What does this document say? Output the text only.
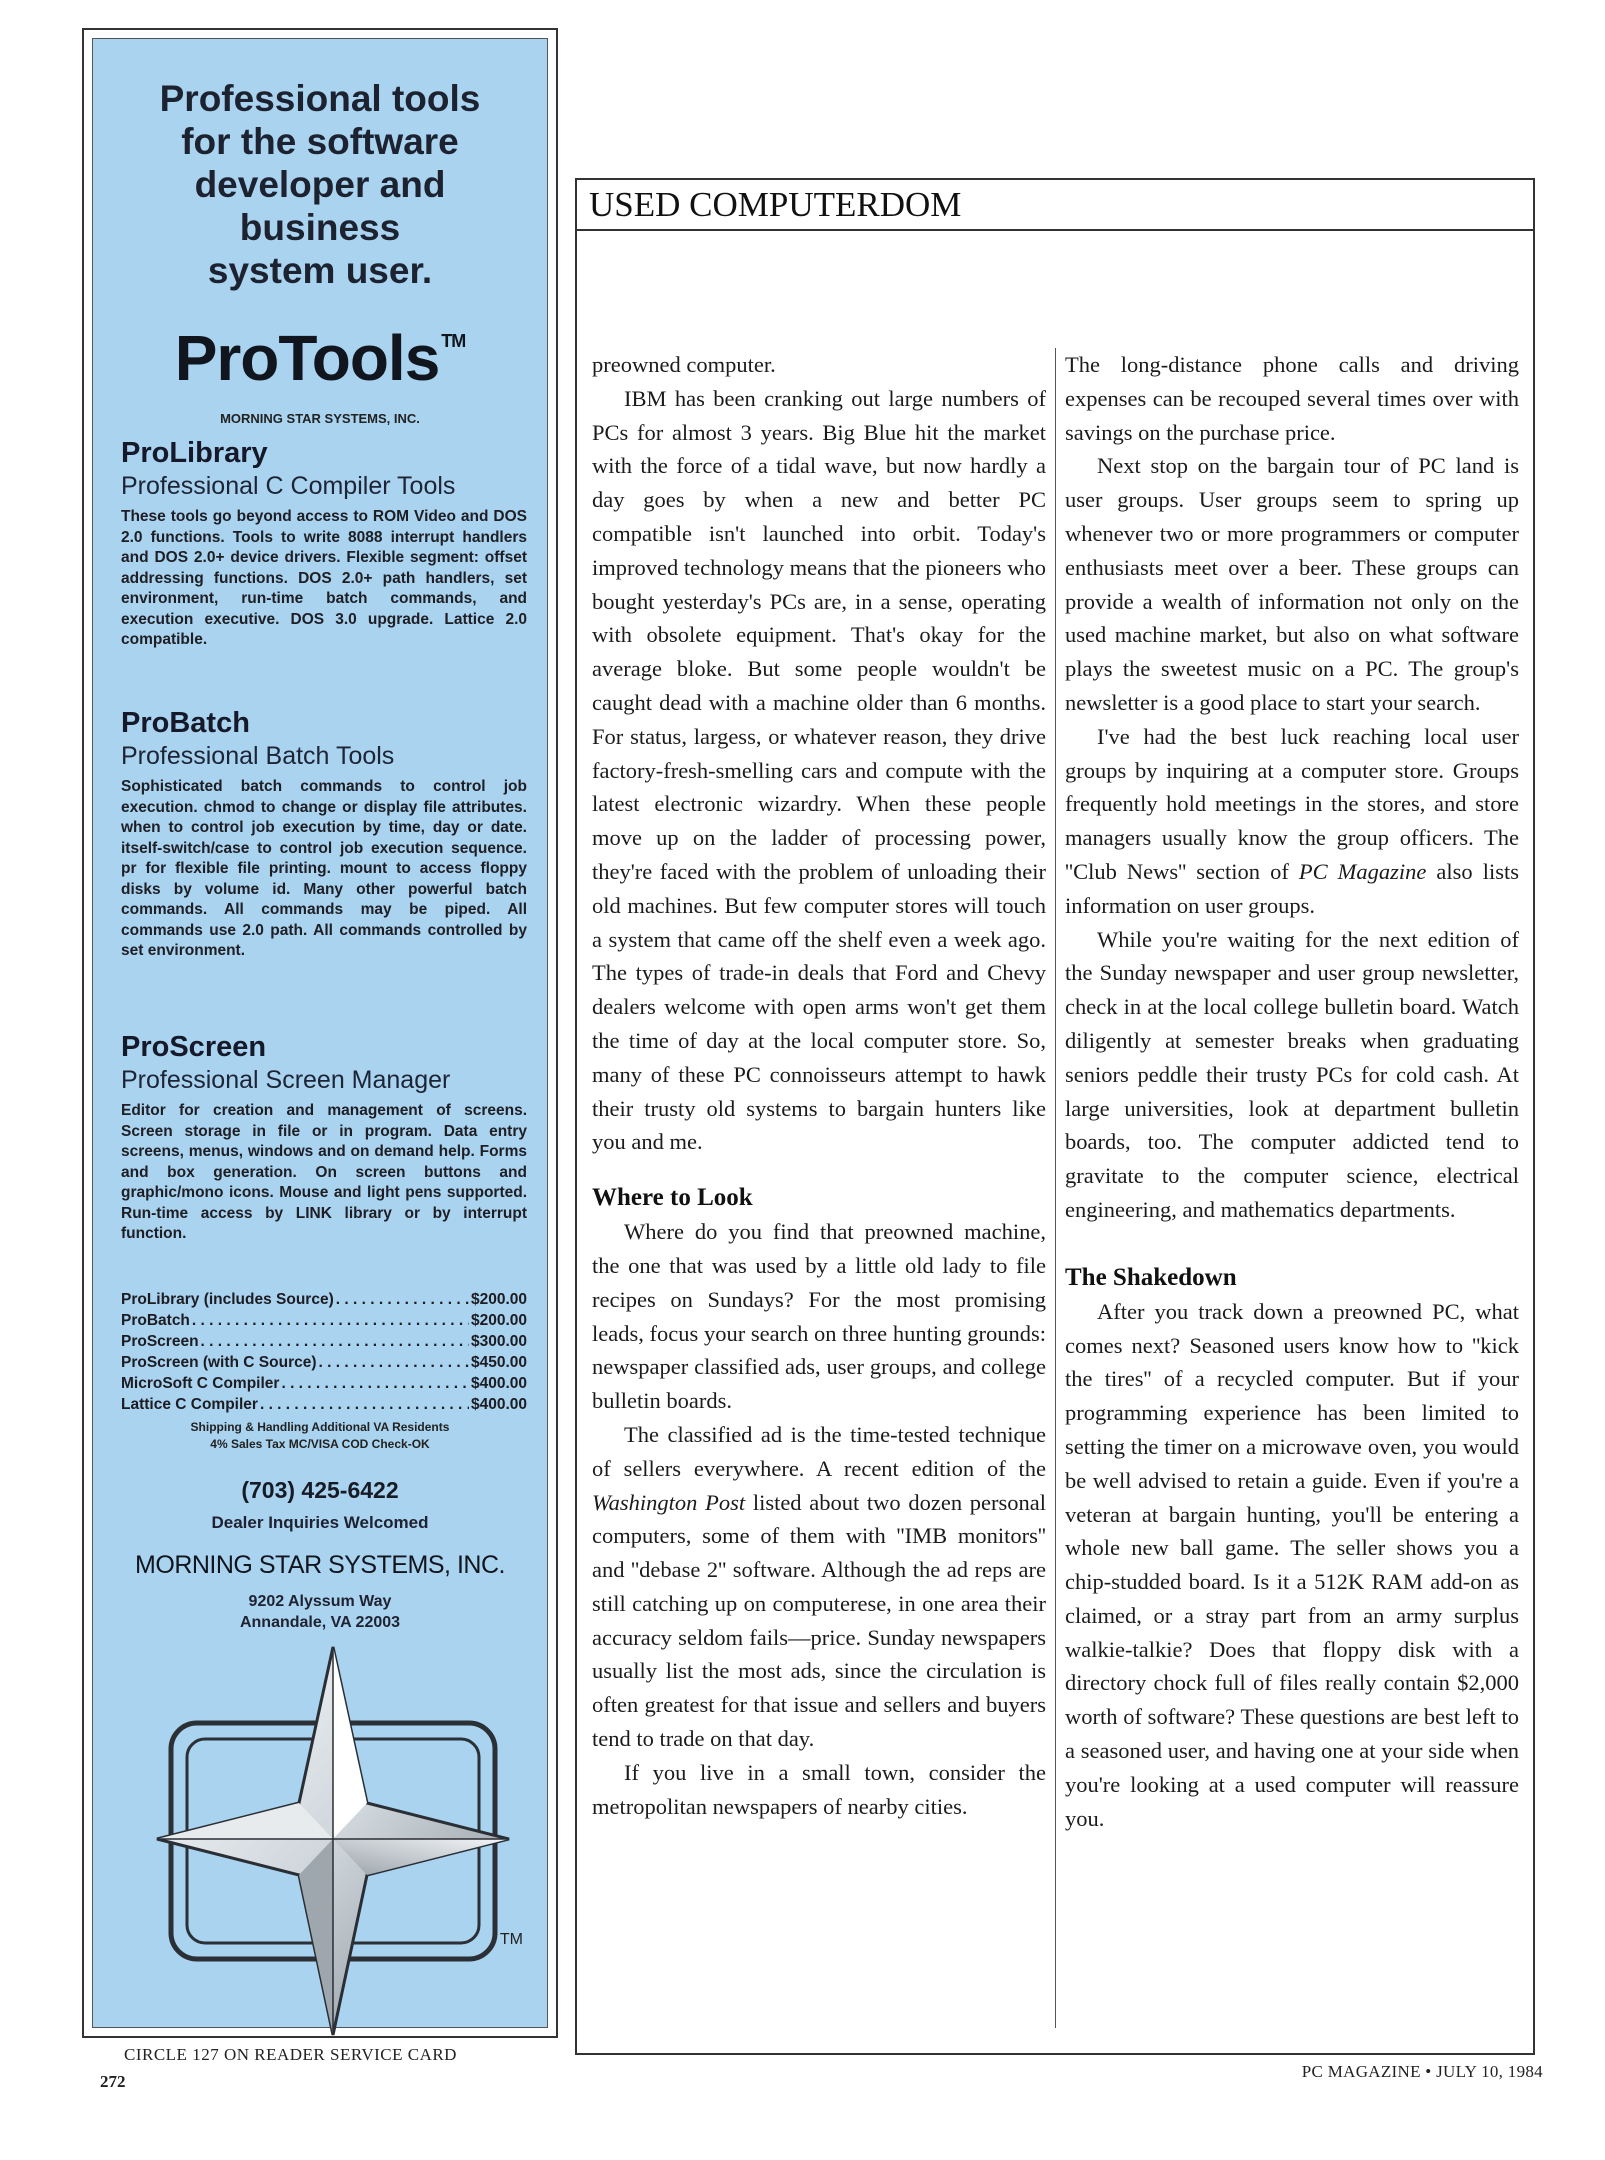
Professional tools
for the software
developer and
business
system user.
ProTools ™
MORNING STAR SYSTEMS, INC.
ProLibrary
Professional C Compiler Tools
These tools go beyond access to ROM Video and DOS 2.0 functions. Tools to write 8088 interrupt handlers and DOS 2.0+ device drivers. Flexible segment: offset addressing functions. DOS 2.0+ path handlers, set environment, run-time batch commands, and execution executive. DOS 3.0 upgrade. Lattice 2.0 compatible.
ProBatch
Professional Batch Tools
Sophisticated batch commands to control job execution. chmod to change or display file attributes. when to control job execution by time, day or date. itself-switch/case to control job execution sequence. pr for flexible file printing. mount to access floppy disks by volume id. Many other powerful batch commands. All commands may be piped. All commands use 2.0 path. All commands controlled by set environment.
ProScreen
Professional Screen Manager
Editor for creation and management of screens. Screen storage in file or in program. Data entry screens, menus, windows and on demand help. Forms and box generation. On screen buttons and graphic/mono icons. Mouse and light pens supported. Run-time access by LINK library or by interrupt function.
ProLibrary (includes Source) . . .	$200.00
ProBatch . . .	$200.00
ProScreen . . .	$300.00
ProScreen (with C Source) . . .	$450.00
MicroSoft C Compiler . . .	$400.00
Lattice C Compiler . . .	$400.00
Shipping & Handling Additional VA Residents
4% Sales Tax MC/VISA COD Check-OK
(703) 425-6422
Dealer Inquiries Welcomed
MORNING STAR SYSTEMS, INC.
9202 Alyssum Way
Annandale, VA 22003
TM
CIRCLE 127 ON READER SERVICE CARD
272
USED COMPUTERDOM

preowned computer.

IBM has been cranking out large numbers of PCs for almost 3 years. Big Blue hit the market with the force of a tidal wave, but now hardly a day goes by when a new and better PC compatible isn't launched into orbit. Today's improved technology means that the pioneers who bought yesterday's PCs are, in a sense, operating with obsolete equipment. That's okay for the average bloke. But some people wouldn't be caught dead with a machine older than 6 months. For status, largess, or whatever reason, they drive factory-fresh-smelling cars and compute with the latest electronic wizardry. When these people move up on the ladder of processing power, they're faced with the problem of unloading their old machines. But few computer stores will touch a system that came off the shelf even a week ago. The types of trade-in deals that Ford and Chevy dealers welcome with open arms won't get them the time of day at the local computer store. So, many of these PC connoisseurs attempt to hawk their trusty old systems to bargain hunters like you and me.

Where to Look

Where do you find that preowned machine, the one that was used by a little old lady to file recipes on Sundays? For the most promising leads, focus your search on three hunting grounds: newspaper classified ads, user groups, and college bulletin boards.

The classified ad is the time-tested technique of sellers everywhere. A recent edition of the Washington Post listed about two dozen personal computers, some of them with ''IMB monitors'' and ''debase 2'' software. Although the ad reps are still catching up on computerese, in one area their accuracy seldom fails—price. Sunday newspapers usually list the most ads, since the circulation is often greatest for that issue and sellers and buyers tend to trade on that day.

If you live in a small town, consider the metropolitan newspapers of nearby cities.

The long-distance phone calls and driving expenses can be recouped several times over with savings on the purchase price.

Next stop on the bargain tour of PC land is user groups. User groups seem to spring up whenever two or more programmers or computer enthusiasts meet over a beer. These groups can provide a wealth of information not only on the used machine market, but also on what software plays the sweetest music on a PC. The group's newsletter is a good place to start your search.

I've had the best luck reaching local user groups by inquiring at a computer store. Groups frequently hold meetings in the stores, and store managers usually know the group officers. The ''Club News'' section of PC Magazine also lists information on user groups.

While you're waiting for the next edition of the Sunday newspaper and user group newsletter, check in at the local college bulletin board. Watch diligently at semester breaks when graduating seniors peddle their trusty PCs for cold cash. At large universities, look at department bulletin boards, too. The computer addicted tend to gravitate to the computer science, electrical engineering, and mathematics departments.

The Shakedown

After you track down a preowned PC, what comes next? Seasoned users know how to ''kick the tires'' of a recycled computer. But if your programming experience has been limited to setting the timer on a microwave oven, you would be well advised to retain a guide. Even if you're a veteran at bargain hunting, you'll be entering a whole new ball game. The seller shows you a chip-studded board. Is it a 512K RAM add-on as claimed, or a stray part from an army surplus walkie-talkie? Does that floppy disk with a directory chock full of files really contain $2,000 worth of software? These questions are best left to a seasoned user, and having one at your side when you're looking at a used computer will reassure you.

PC MAGAZINE • JULY 10, 1984
